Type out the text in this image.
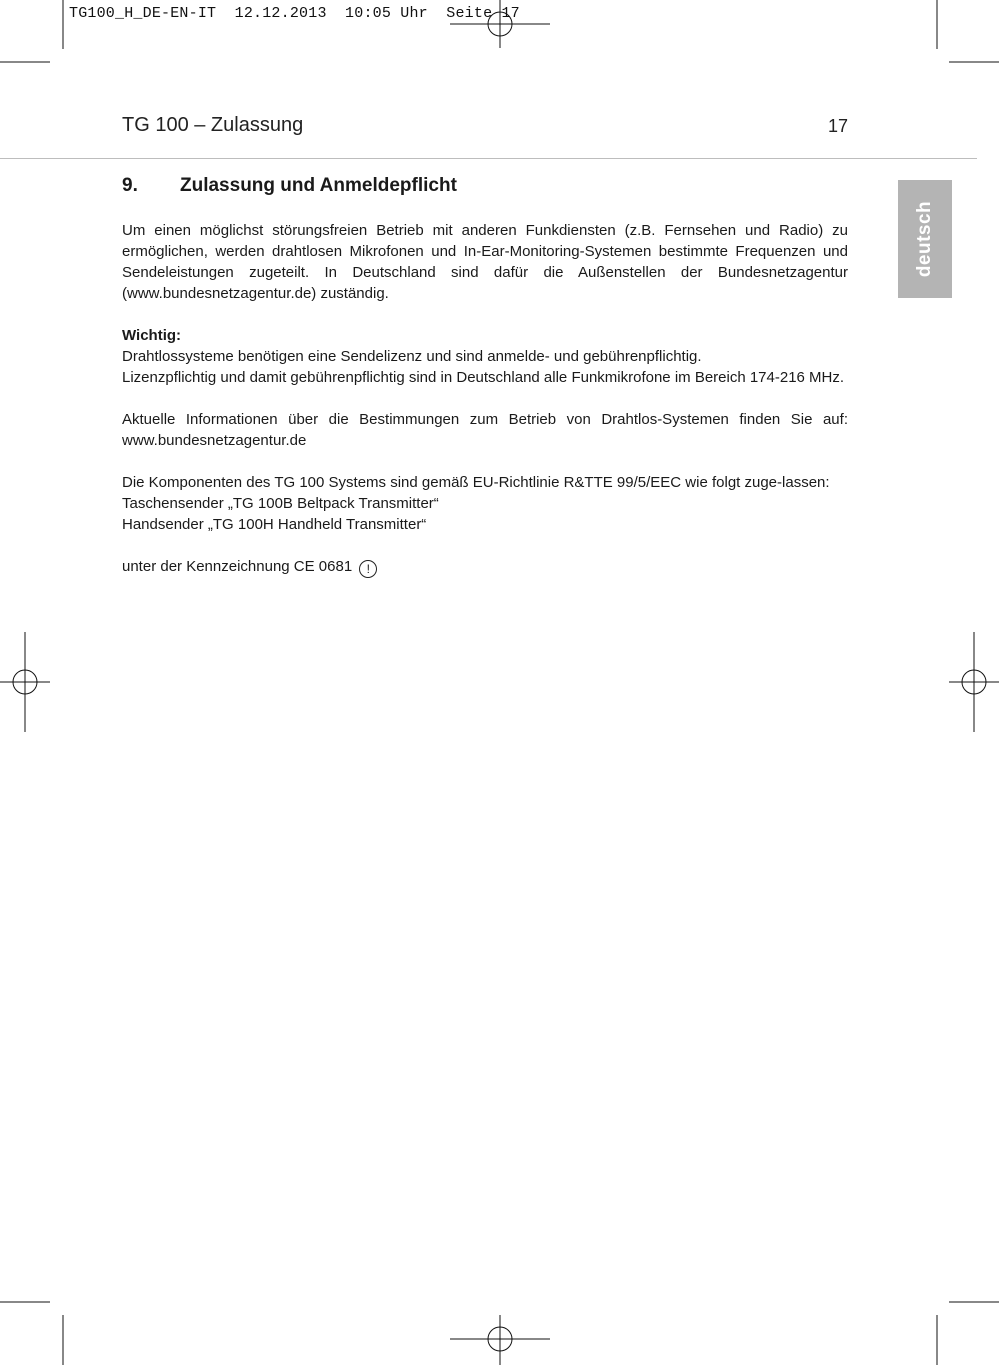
TG100_H_DE-EN-IT  12.12.2013  10:05 Uhr  Seite 17
TG 100 – Zulassung	17
deutsch
9. Zulassung und Anmeldepflicht

Um einen möglichst störungsfreien Betrieb mit anderen Funkdiensten (z.B. Fernsehen und Radio) zu ermöglichen, werden drahtlosen Mikrofonen und In-Ear-Monitoring-Systemen bestimmte Frequenzen und Sendeleistungen zugeteilt. In Deutschland sind dafür die Außenstellen der Bundesnetzagentur (www.bundesnetzagentur.de) zuständig.

Wichtig:
Drahtlossysteme benötigen eine Sendelizenz und sind anmelde- und gebührenpflichtig.
Lizenzpflichtig und damit gebührenpflichtig sind in Deutschland alle Funkmikrofone im Bereich 174-216 MHz.

Aktuelle Informationen über die Bestimmungen zum Betrieb von Drahtlos-Systemen finden Sie auf: www.bundesnetzagentur.de

Die Komponenten des TG 100 Systems sind gemäß EU-Richtlinie R&TTE 99/5/EEC wie folgt zuge-lassen:
Taschensender „TG 100B Beltpack Transmitter“
Handsender „TG 100H Handheld Transmitter“

unter der Kennzeichnung CE 0681 !
